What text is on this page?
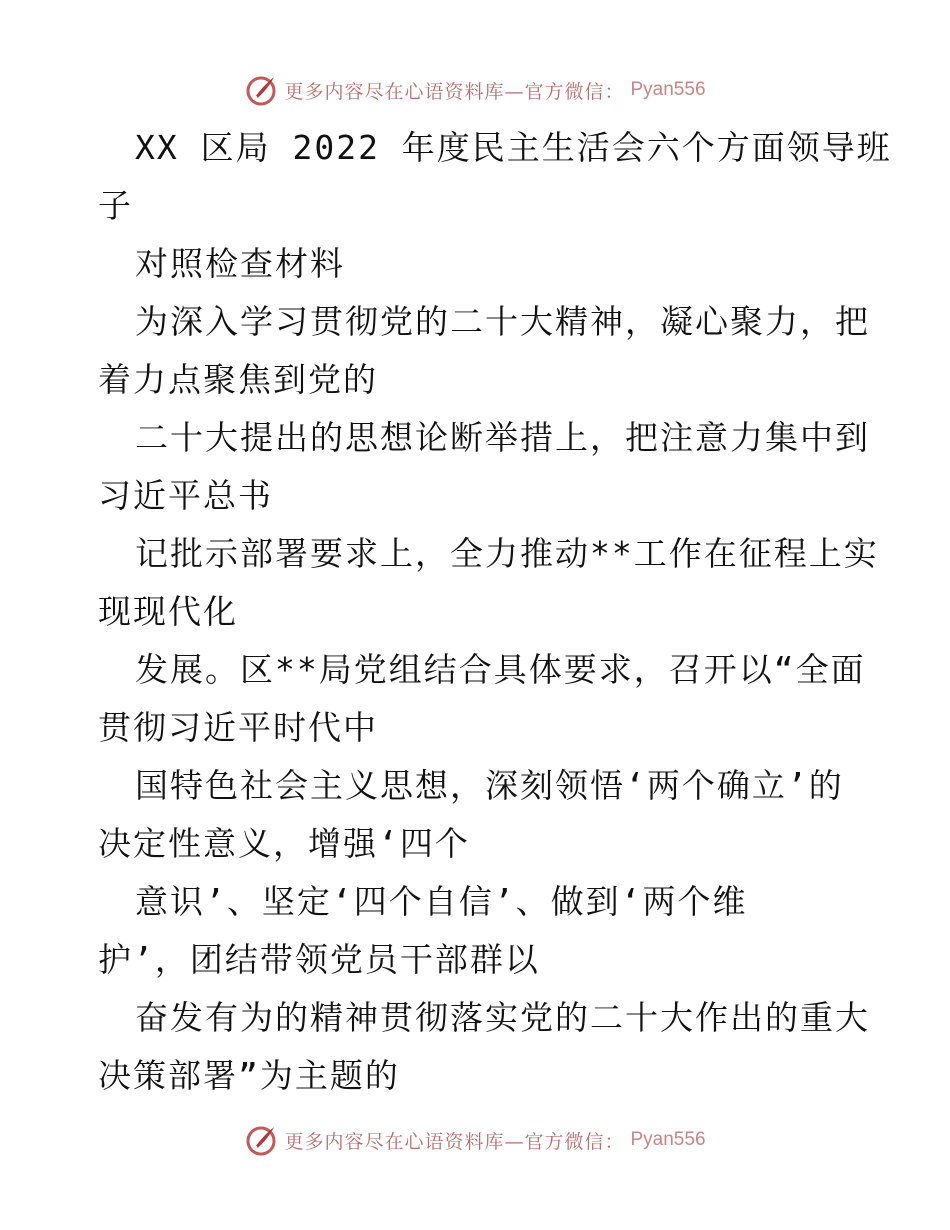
更多内容尽在心语资料库—官方微信： Pyan556
XX 区局 2022 年度民主生活会六个方面领导班
子
对照检查材料
为深入学习贯彻党的二十大精神，凝心聚力，把
着力点聚焦到党的
二十大提出的思想论断举措上，把注意力集中到
习近平总书
记批示部署要求上，全力推动**工作在征程上实
现现代化
发展。区**局党组结合具体要求，召开以“全面
贯彻习近平时代中
国特色社会主义思想，深刻领悟‘两个确立’的
决定性意义，增强‘四个
意识’、坚定‘四个自信’、做到‘两个维
护’，团结带领党员干部群以
奋发有为的精神贯彻落实党的二十大作出的重大
决策部署”为主题的
更多内容尽在心语资料库—官方微信： Pyan556
